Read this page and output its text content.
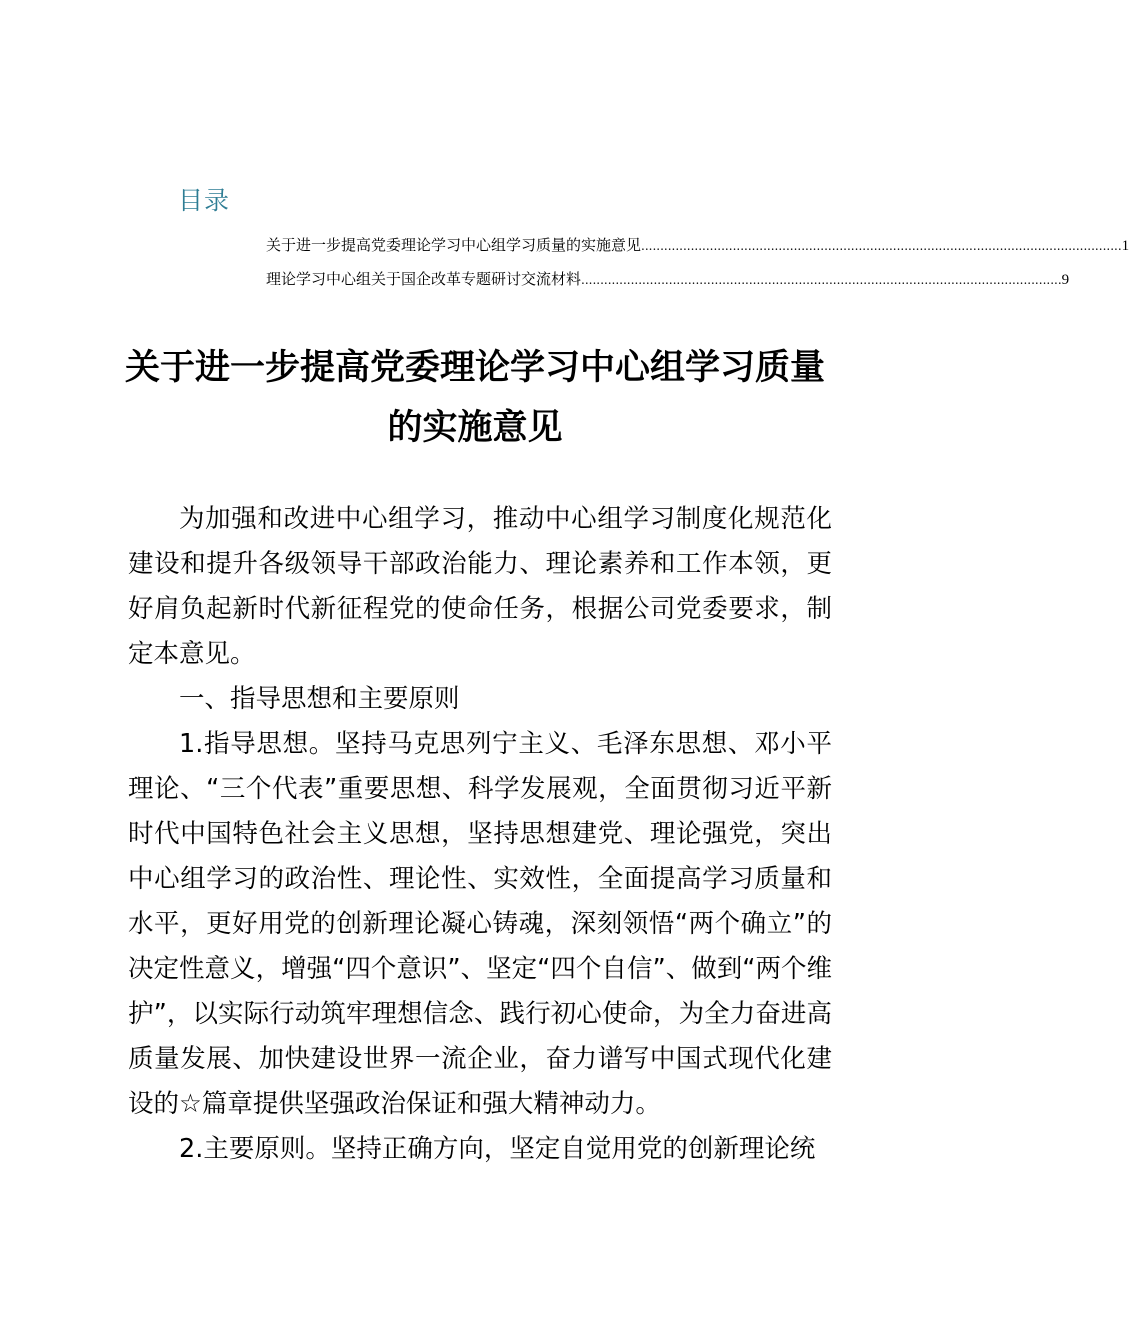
目录
关于进一步提高党委理论学习中心组学习质量的实施意见 .............................................................................................................................. 1
理论学习中心组关于国企改革专题研讨交流材料 .............................................................................................................................. 9
关于进一步提高党委理论学习中心组学习质量
的实施意见

为加强和改进中心组学习，推动中心组学习制度化规范化建设和提升各级领导干部政治能力、理论素养和工作本领，更好肩负起新时代新征程党的使命任务，根据公司党委要求，制定本意见。

一、指导思想和主要原则

1.指导思想。坚持马克思列宁主义、毛泽东思想、邓小平理论、“三个代表”重要思想、科学发展观，全面贯彻习近平新时代中国特色社会主义思想，坚持思想建党、理论强党，突出中心组学习的政治性、理论性、实效性，全面提高学习质量和水平，更好用党的创新理论凝心铸魂，深刻领悟“两个确立”的决定性意义，增强“四个意识”、坚定“四个自信”、做到“两个维护”，以实际行动筑牢理想信念、践行初心使命，为全力奋进高质量发展、加快建设世界一流企业，奋力谱写中国式现代化建设的☆篇章提供坚强政治保证和强大精神动力。

2.主要原则。坚持正确方向，坚定自觉用党的创新理论统
